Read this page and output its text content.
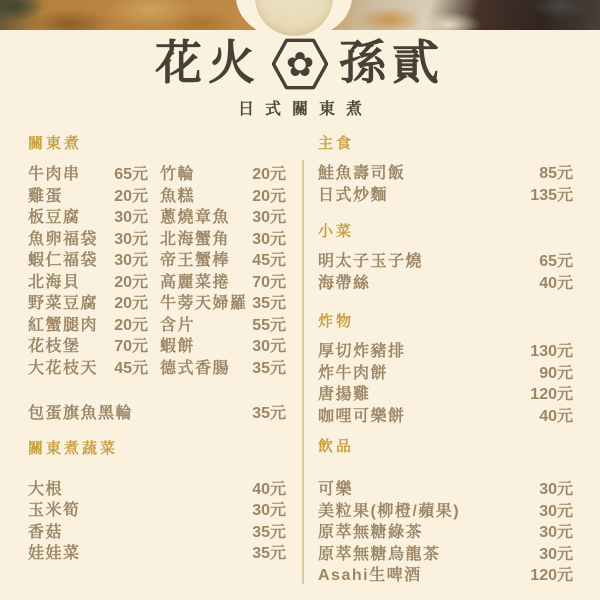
花火 ✿ 孫貳
日式關東煮
關東煮
牛肉串	65元 竹輪	20元
雞蛋	20元 魚糕	20元
板豆腐	30元 蔥燒章魚	30元
魚卵福袋	30元 北海蟹角	30元
蝦仁福袋	30元 帝王蟹棒	45元
北海貝	20元 高麗菜捲	70元
野菜豆腐	20元 牛蒡天婦羅 35元
紅蟹腿肉	20元 含片	55元
花枝堡	70元 蝦餅	30元
大花枝天	45元 德式香腸	35元
包蛋旗魚黑輪	35元
關東煮蔬菜
大根	40元
玉米筍	30元
香菇	35元
娃娃菜	35元
主食
鮭魚壽司飯	85元
日式炒麵	135元
小菜
明太子玉子燒	65元
海帶絲	40元
炸物
厚切炸豬排	130元
炸牛肉餅	90元
唐揚雞	120元
咖哩可樂餅	40元
飲品
可樂	30元
美粒果(柳橙/蘋果)	30元
原萃無糖綠茶	30元
原萃無糖烏龍茶	30元
Asahi生啤酒	120元
